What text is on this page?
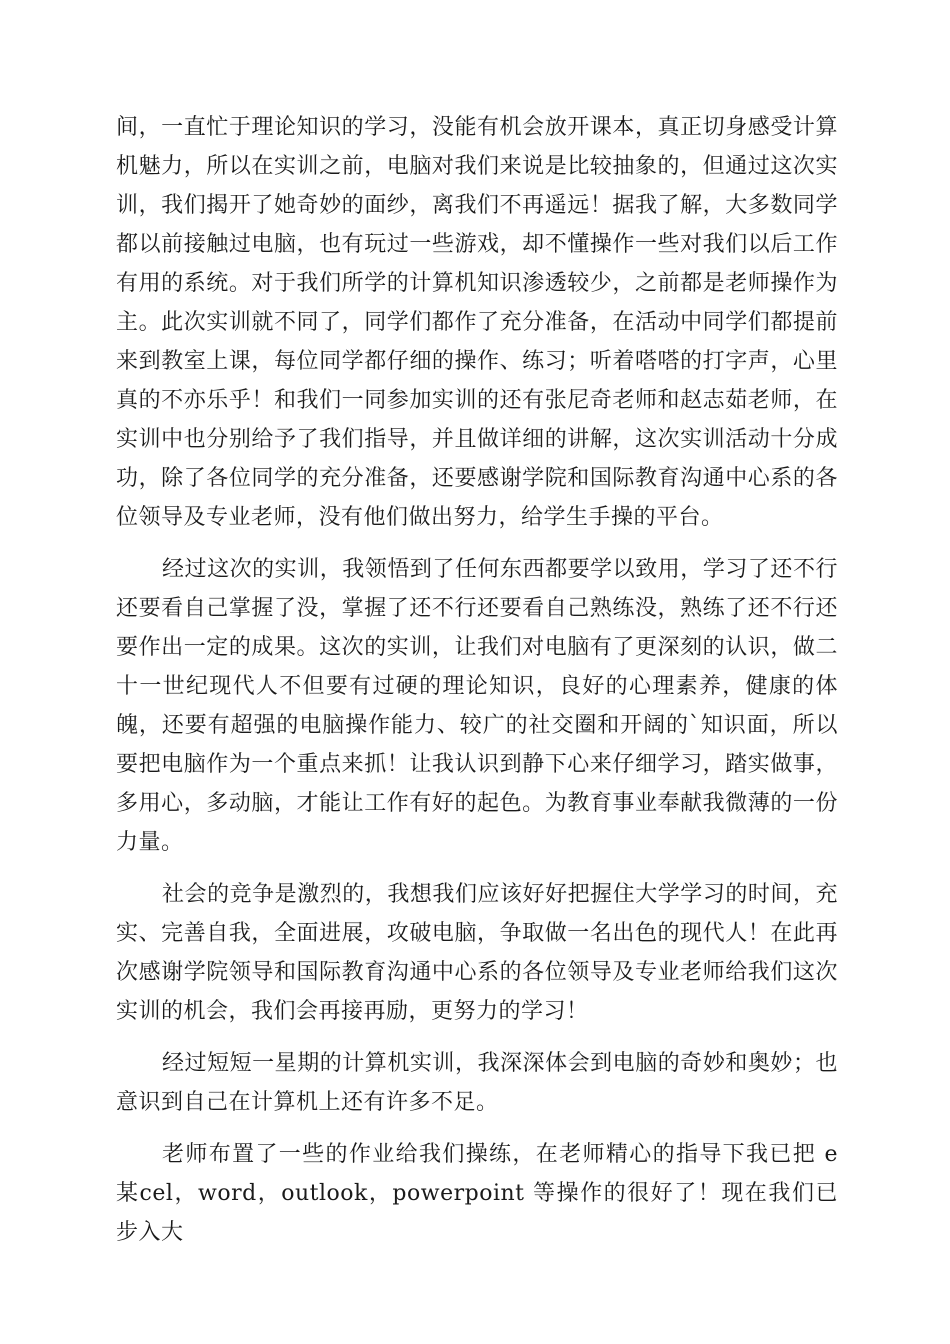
间，一直忙于理论知识的学习，没能有机会放开课本，真正切身感受计算机魅力，所以在实训之前，电脑对我们来说是比较抽象的，但通过这次实训，我们揭开了她奇妙的面纱，离我们不再遥远！据我了解，大多数同学都以前接触过电脑，也有玩过一些游戏，却不懂操作一些对我们以后工作有用的系统。对于我们所学的计算机知识渗透较少，之前都是老师操作为主。此次实训就不同了，同学们都作了充分准备，在活动中同学们都提前来到教室上课，每位同学都仔细的操作、练习；听着嗒嗒的打字声，心里真的不亦乐乎！和我们一同参加实训的还有张尼奇老师和赵志茹老师，在实训中也分别给予了我们指导，并且做详细的讲解，这次实训活动十分成功，除了各位同学的充分准备，还要感谢学院和国际教育沟通中心系的各位领导及专业老师，没有他们做出努力，给学生手操的平台。

经过这次的实训，我领悟到了任何东西都要学以致用，学习了还不行还要看自己掌握了没，掌握了还不行还要看自己熟练没，熟练了还不行还要作出一定的成果。这次的实训，让我们对电脑有了更深刻的认识，做二十一世纪现代人不但要有过硬的理论知识，良好的心理素养，健康的体魄，还要有超强的电脑操作能力、较广的社交圈和开阔的`知识面，所以要把电脑作为一个重点来抓！让我认识到静下心来仔细学习，踏实做事，多用心，多动脑，才能让工作有好的起色。为教育事业奉献我微薄的一份力量。

社会的竞争是激烈的，我想我们应该好好把握住大学学习的时间，充实、完善自我，全面进展，攻破电脑，争取做一名出色的现代人！在此再次感谢学院领导和国际教育沟通中心系的各位领导及专业老师给我们这次实训的机会，我们会再接再励，更努力的学习！

经过短短一星期的计算机实训，我深深体会到电脑的奇妙和奥妙；也意识到自己在计算机上还有许多不足。

老师布置了一些的作业给我们操练，在老师精心的指导下我已把 e 某cel，word，outlook，powerpoint 等操作的很好了！现在我们已步入大
